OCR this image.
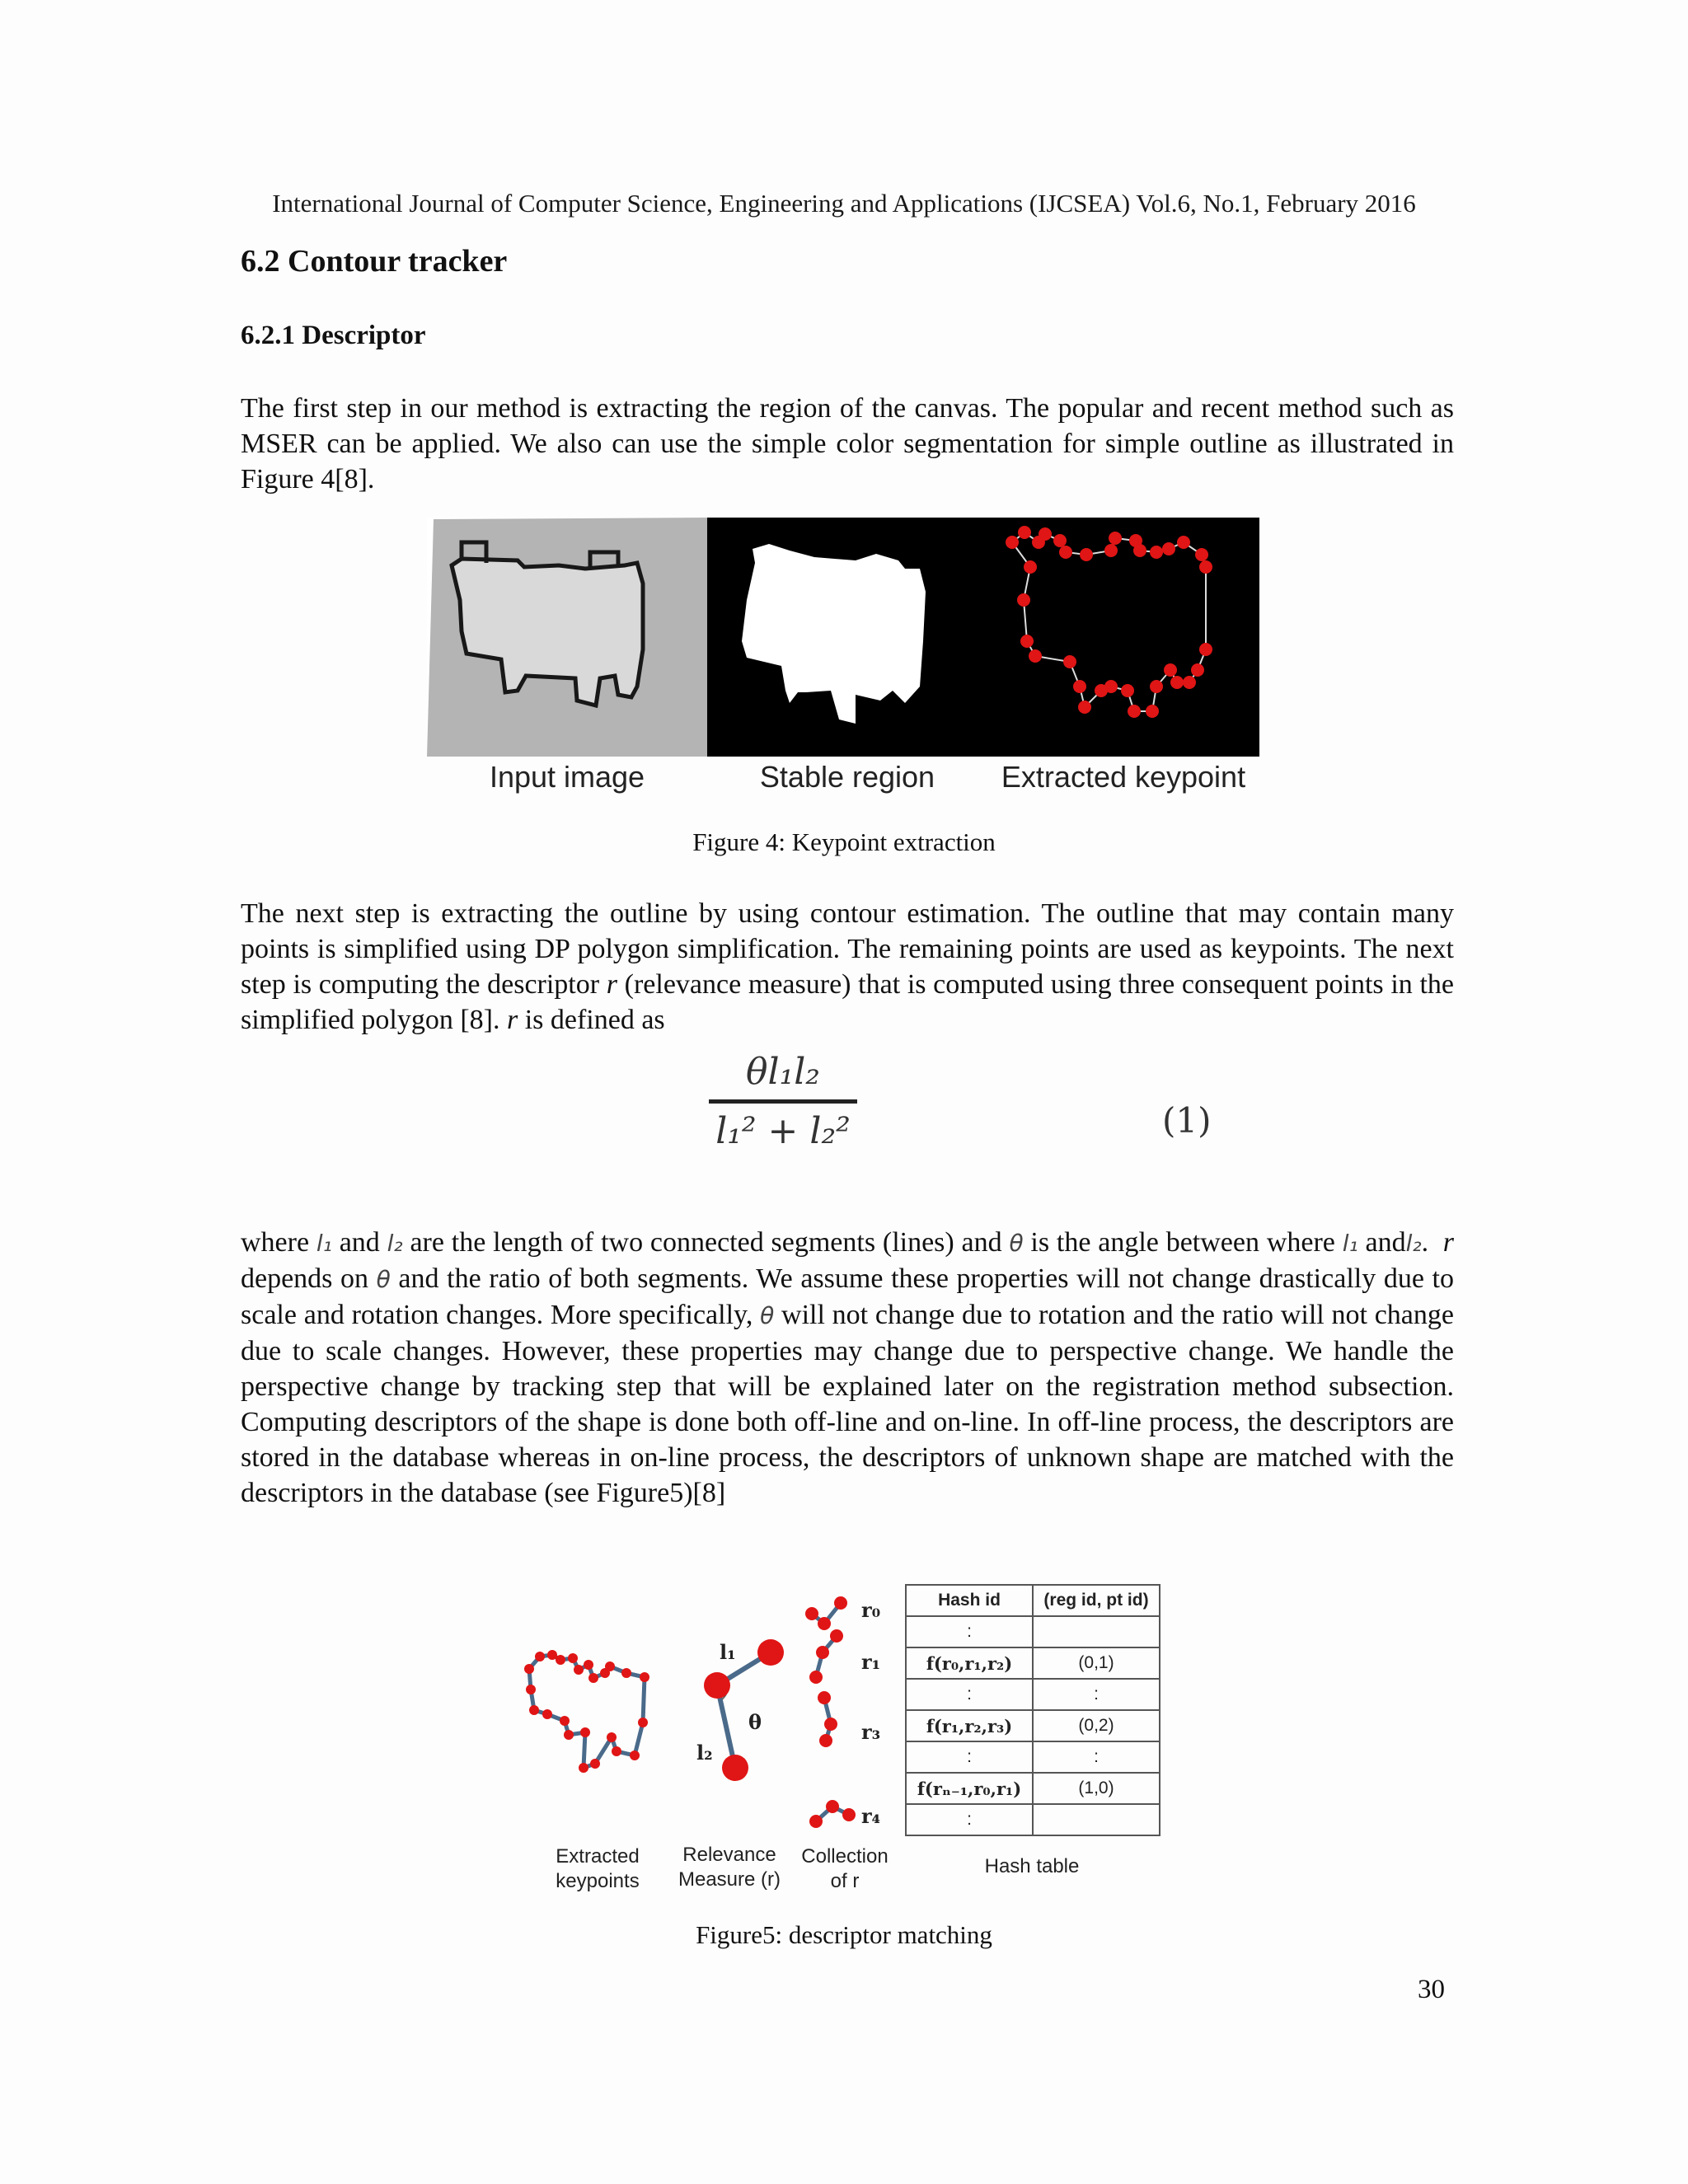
International Journal of Computer Science, Engineering and Applications (IJCSEA) Vol.6, No.1, February 2016
6.2 Contour tracker
6.2.1 Descriptor

The first step in our method is extracting the region of the canvas. The popular and recent method such as MSER can be applied. We also can use the simple color segmentation for simple outline as illustrated in Figure 4[8].

Input image	Stable region	Extracted keypoint
Figure 4: Keypoint extraction

The next step is extracting the outline by using contour estimation. The outline that may contain many points is simplified using DP polygon simplification. The remaining points are used as keypoints. The next step is computing the descriptor r (relevance measure) that is computed using three consequent points in the simplified polygon [8]. r is defined as

θl₁l₂
l₁² + l₂²	(1)

where l₁ and l₂ are the length of two connected segments (lines) and θ is the angle between where l₁ andl₂.  r depends on θ and the ratio of both segments. We assume these properties will not change drastically due to scale and rotation changes. More specifically, θ will not change due to rotation and the ratio will not change due to scale changes. However, these properties may change due to perspective change. We handle the perspective change by tracking step that will be explained later on the registration method subsection. Computing descriptors of the shape is done both off-line and on-line. In off-line process, the descriptors are stored in the database whereas in on-line process, the descriptors of unknown shape are matched with the descriptors in the database (see Figure5)[8]

l₁
l₂
θ
r₀
r₁
r₃
r₄
Hash id	(reg id, pt id)
:	
f(r₀,r₁,r₂)	(0,1)
:	:
f(r₁,r₂,r₃)	(0,2)
:	:
f(rₙ₋₁,r₀,r₁)	(1,0)
:	
Extracted
keypoints
Relevance
Measure (r)
Collection
of r
Hash table
Figure5: descriptor matching
30
